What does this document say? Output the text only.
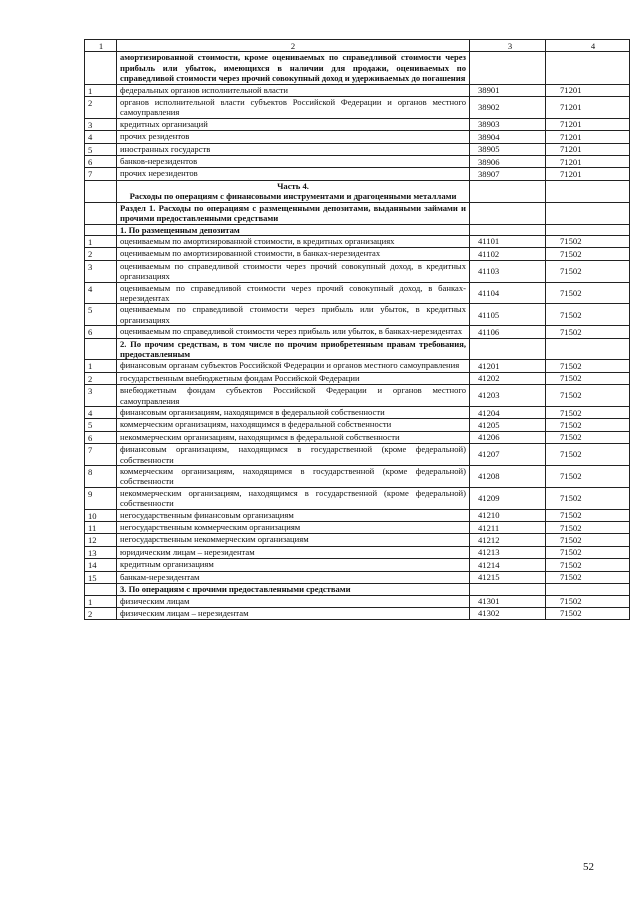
1	2	3	4
	амортизированной стоимости, кроме оцениваемых по справедливой стоимости через прибыль или убыток, имеющихся в наличии для продажи, оцениваемых по справедливой стоимости через прочий совокупный доход и удерживаемых до погашения		
1	федеральных органов исполнительной власти	38901	71201
2	органов исполнительной власти субъектов Российской Федерации и органов местного самоуправления	38902	71201
3	кредитных организаций	38903	71201
4	прочих резидентов	38904	71201
5	иностранных государств	38905	71201
6	банков-нерезидентов	38906	71201
7	прочих нерезидентов	38907	71201
	Часть 4.
Расходы по операциям с финансовыми инструментами и драгоценными металлами		
	Раздел 1. Расходы по операциям с размещенными депозитами, выданными займами и прочими предоставленными средствами		
	1. По размещенным депозитам		
1	оцениваемым по амортизированной стоимости, в кредитных организациях	41101	71502
2	оцениваемым по амортизированной стоимости, в банках-нерезидентах	41102	71502
3	оцениваемым по справедливой стоимости через прочий совокупный доход, в кредитных организациях	41103	71502
4	оцениваемым по справедливой стоимости через прочий совокупный доход, в банках-нерезидентах	41104	71502
5	оцениваемым по справедливой стоимости через прибыль или убыток, в кредитных организациях	41105	71502
6	оцениваемым по справедливой стоимости через прибыль или убыток, в банках-нерезидентах	41106	71502
	2. По прочим средствам, в том числе по прочим приобретенным правам требования, предоставленным		
1	финансовым органам субъектов Российской Федерации и органов местного самоуправления	41201	71502
2	государственным внебюджетным фондам Российской Федерации	41202	71502
3	внебюджетным фондам субъектов Российской Федерации и органов местного самоуправления	41203	71502
4	финансовым организациям, находящимся в федеральной собственности	41204	71502
5	коммерческим организациям, находящимся в федеральной собственности	41205	71502
6	некоммерческим организациям, находящимся в федеральной собственности	41206	71502
7	финансовым организациям, находящимся в государственной (кроме федеральной) собственности	41207	71502
8	коммерческим организациям, находящимся в государственной (кроме федеральной) собственности	41208	71502
9	некоммерческим организациям, находящимся в государственной (кроме федеральной) собственности	41209	71502
10	негосударственным финансовым организациям	41210	71502
11	негосударственным коммерческим организациям	41211	71502
12	негосударственным некоммерческим организациям	41212	71502
13	юридическим лицам – нерезидентам	41213	71502
14	кредитным организациям	41214	71502
15	банкам-нерезидентам	41215	71502
	3. По операциям с прочими предоставленными средствами		
1	физическим лицам	41301	71502
2	физическим лицам – нерезидентам	41302	71502
52
